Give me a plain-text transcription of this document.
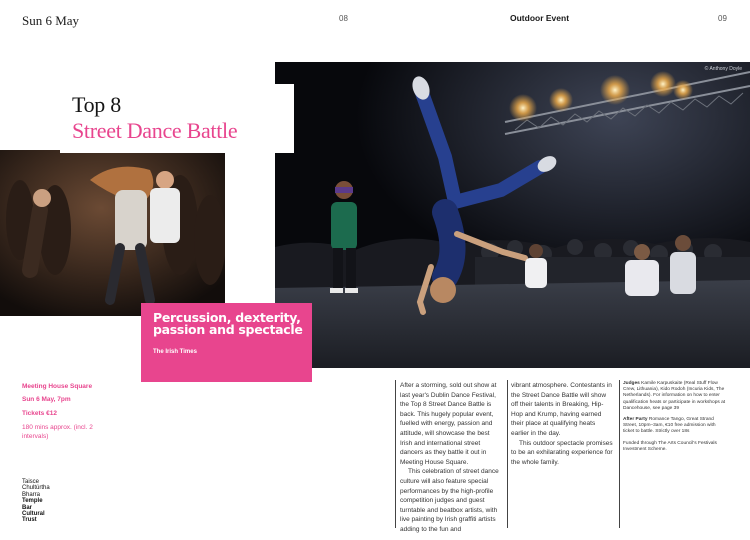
Sun 6 May	08	Outdoor Event	09
© Anthony Doyle
Top 8
Street Dance Battle
Percussion, dexterity, passion and spectacle
The Irish Times
Meeting House Square
Sun 6 May, 7pm
Tickets €12
180 mins approx. (incl. 2 intervals)
Taisce
Chultúrtha
Bharra
Temple
Bar
Cultural
Trust
After a storming, sold out show at last year's Dublin Dance Festival, the Top 8 Street Dance Battle is back. This hugely popular event, fuelled with energy, passion and attitude, will showcase the best Irish and international street dancers as they battle it out in Meeting House Square.
This celebration of street dance culture will also feature special performances by the high-profile competition judges and guest turntable and beatbox artists, with live painting by Irish graffiti artists adding to the fun and
vibrant atmosphere. Contestants in the Street Dance Battle will show off their talents in Breaking, Hip-Hop and Krump, having earned their place at qualifying heats earlier in the day.
This outdoor spectacle promises to be an exhilarating experience for the whole family.

Judges Kamile Karpuskaite (Real Stuff Flow Crew, Lithuania), Kido Rodoh (Incuria Kids, The Netherlands). For information on how to enter qualification heats or participate in workshops at Dancehouse, see page 39

After Party Romance Tango, Great Strand Street, 10pm–3am, €10 free admission with ticket to battle. Strictly over 18s

Funded through The Arts Council's Festivals Investment Scheme.
